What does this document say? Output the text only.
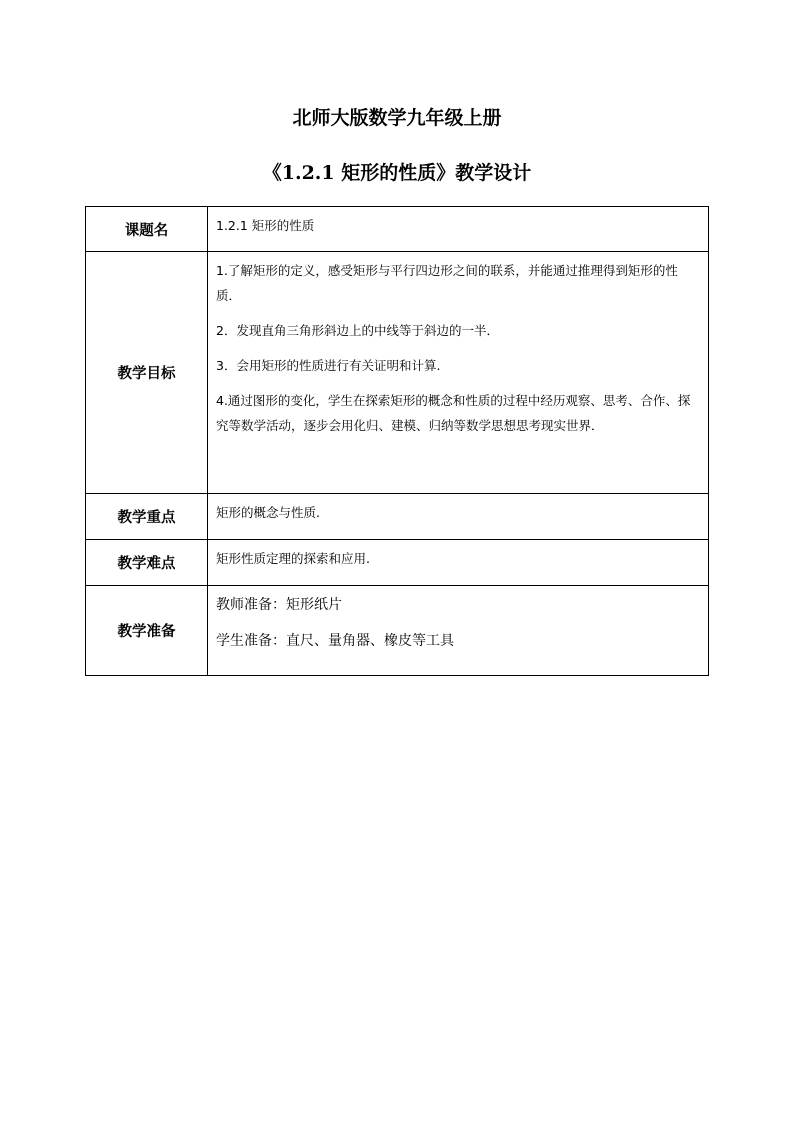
北师大版数学九年级上册
《1.2.1 矩形的性质》教学设计
课题名	1.2.1 矩形的性质

教学目标	1.了解矩形的定义，感受矩形与平行四边形之间的联系，并能通过推理得到矩形的性质．

2．发现直角三角形斜边上的中线等于斜边的一半．

3．会用矩形的性质进行有关证明和计算.

4.通过图形的变化，学生在探索矩形的概念和性质的过程中经历观察、思考、合作、探究等数学活动，逐步会用化归、建模、归纳等数学思想思考现实世界．

教学重点	矩形的概念与性质.

教学难点	矩形性质定理的探索和应用.

教学准备	教师准备：矩形纸片

学生准备：直尺、量角器、橡皮等工具
